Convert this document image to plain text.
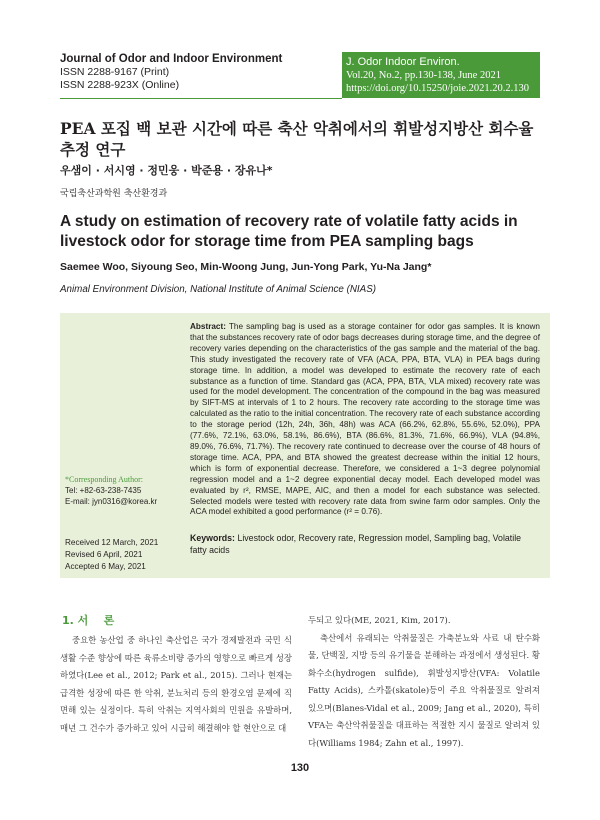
Journal of Odor and Indoor Environment
ISSN 2288-9167 (Print)
ISSN 2288-923X (Online)
J. Odor Indoor Environ.
Vol.20, No.2, pp.130-138, June 2021
https://doi.org/10.15250/joie.2021.20.2.130
PEA 포집 백 보관 시간에 따른 축산 악취에서의 휘발성지방산 회수율 추정 연구
우샘이 · 서시영 · 정민웅 · 박준용 · 장유나*
국립축산과학원 축산환경과
A study on estimation of recovery rate of volatile fatty acids in livestock odor for storage time from PEA sampling bags
Saemee Woo, Siyoung Seo, Min-Woong Jung, Jun-Yong Park, Yu-Na Jang*
Animal Environment Division, National Institute of Animal Science (NIAS)
Abstract: The sampling bag is used as a storage container for odor gas samples. It is known that the substances recovery rate of odor bags decreases during storage time, and the degree of recovery varies depending on the characteristics of the gas sample and the material of the bag. This study investigated the recovery rate of VFA (ACA, PPA, BTA, VLA) in PEA bags during storage time. In addition, a model was developed to estimate the recovery rate of each substance as a function of time. Standard gas (ACA, PPA, BTA, VLA mixed) recovery rate was used for the model development. The concentration of the compound in the bag was measured by SIFT-MS at intervals of 1 to 2 hours. The recovery rate according to the storage time was calculated as the ratio to the initial concentration. The recovery rate of each substance according to the storage period (12h, 24h, 36h, 48h) was ACA (66.2%, 62.8%, 55.6%, 52.0%), PPA (77.6%, 72.1%, 63.0%, 58.1%, 86.6%), BTA (86.6%, 81.3%, 71.6%, 66.9%), VLA (94.8%, 89.0%, 76.6%, 71.7%). The recovery rate continued to decrease over the course of 48 hours of storage time. ACA, PPA, and BTA showed the greatest decrease within the initial 12 hours, which is form of exponential decrease. Therefore, we considered a 1~3 degree polynomial regression model and a 1~2 degree exponential decay model. Each developed model was evaluated by r², RMSE, MAPE, AIC, and then a model for each substance was selected. Selected models were tested with recovery rate data from swine farm odor samples. Only the ACA model exhibited a good performance (r² = 0.76).
Keywords: Livestock odor, Recovery rate, Regression model, Sampling bag, Volatile fatty acids
*Corresponding Author:
Tel: +82-63-238-7435
E-mail: jyn0316@korea.kr
Received 12 March, 2021
Revised 6 April, 2021
Accepted 6 May, 2021
1. 서    론
중요한 농산업 중 하나인 축산업은 국가 경제발전과 국민 식생활 수준 향상에 따른 육류소비량 증가의 영향으로 빠르게 성장 하였다(Lee et al., 2012; Park et al., 2015). 그러나 현재는 급격한 성장에 따른 한 악취, 분뇨처리 등의 환경오염 문제에 직면해 있는 실정이다. 특히 악취는 지역사회의 민원을 유발하며, 매년 그 건수가 증가하고 있어 시급히 해결해야 할 현안으로 대
두되고 있다(ME, 2021, Kim, 2017).
축산에서 유래되는 악취물질은 가축분뇨와 사료 내 탄수화물, 단백질, 지방 등의 유기물을 분해하는 과정에서 생성된다. 황화수소(hydrogen sulfide), 휘발성지방산(VFA: Volatile Fatty Acids), 스카톨(skatole)등이 주요 악취물질로 알려져 있으며(Blanes-Vidal et al., 2009; Jang et al., 2020), 특히 VFA는 축산악취물질을 대표하는 적절한 지시 물질로 알려져 있다(Williams 1984; Zahn et al., 1997).
130
